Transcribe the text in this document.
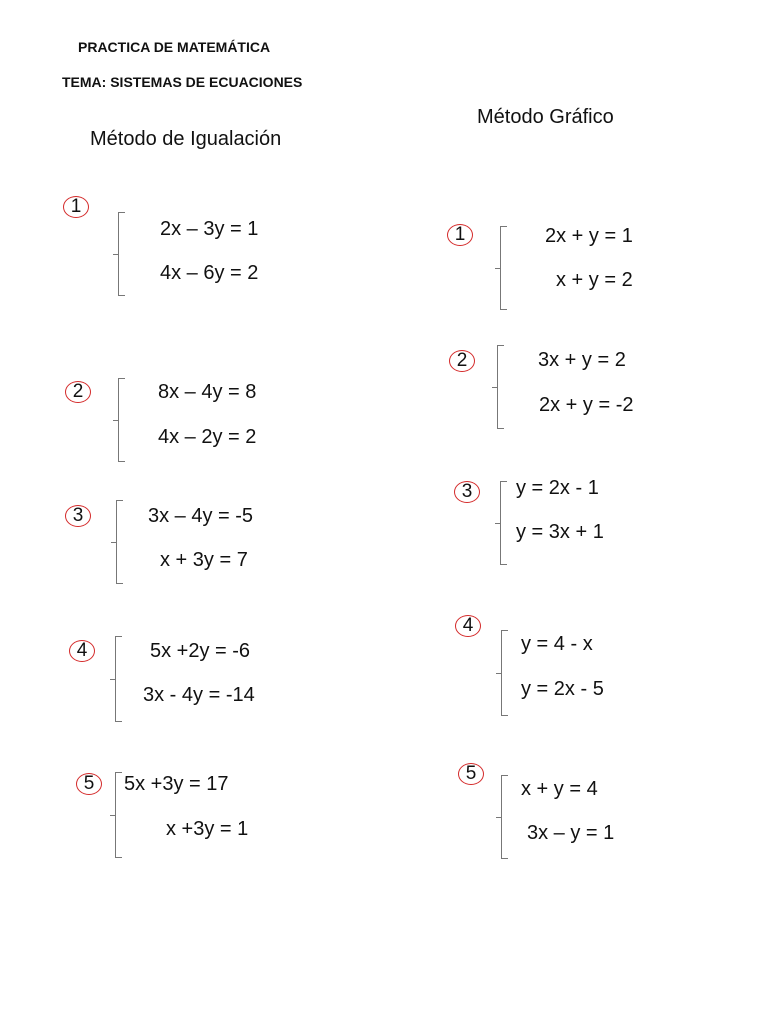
PRACTICA DE MATEMÁTICA
TEMA: SISTEMAS DE ECUACIONES
Método de Igualación
Método Gráfico
1
2x – 3y = 1
4x – 6y = 2
2	8x – 4y = 8
4x – 2y = 2
3	3x – 4y = -5
x + 3y = 7
4	5x +2y = -6
3x - 4y = -14
5	5x +3y = 17
x +3y = 1
1	2x + y = 1
x + y = 2
2	3x + y = 2
2x + y = -2
3	y = 2x - 1
y = 3x + 1
4
y = 4 - x
y = 2x - 5
5
x + y = 4
3x – y = 1
